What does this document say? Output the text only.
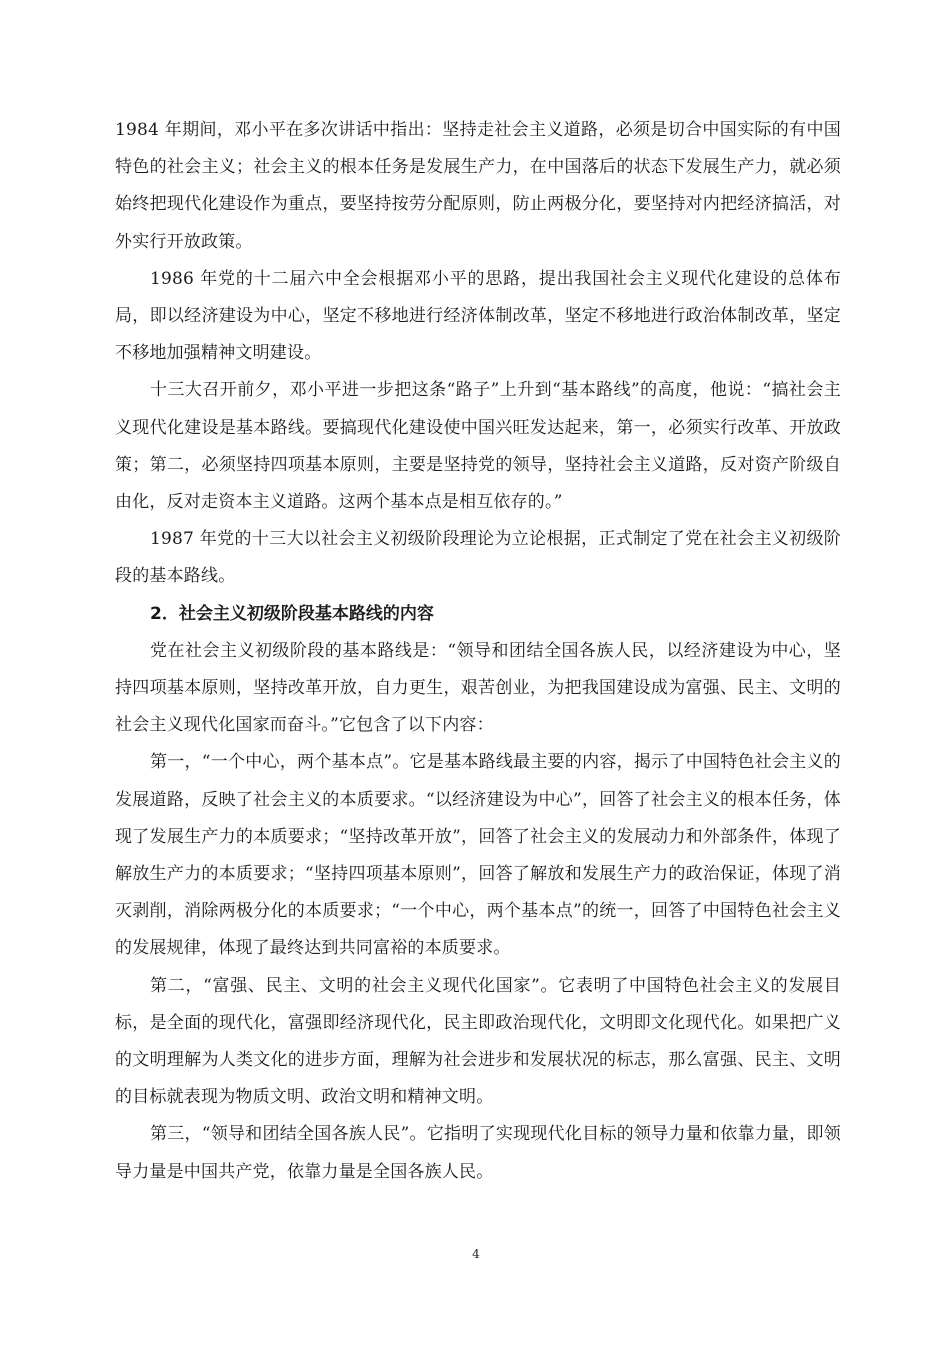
1984 年期间，邓小平在多次讲话中指出：坚持走社会主义道路，必须是切合中国实际的有中国特色的社会主义；社会主义的根本任务是发展生产力，在中国落后的状态下发展生产力，就必须始终把现代化建设作为重点，要坚持按劳分配原则，防止两极分化，要坚持对内把经济搞活，对外实行开放政策。

1986 年党的十二届六中全会根据邓小平的思路，提出我国社会主义现代化建设的总体布局，即以经济建设为中心，坚定不移地进行经济体制改革，坚定不移地进行政治体制改革，坚定不移地加强精神文明建设。

十三大召开前夕，邓小平进一步把这条“路子”上升到“基本路线”的高度，他说：“搞社会主义现代化建设是基本路线。要搞现代化建设使中国兴旺发达起来，第一，必须实行改革、开放政策；第二，必须坚持四项基本原则，主要是坚持党的领导，坚持社会主义道路，反对资产阶级自由化，反对走资本主义道路。这两个基本点是相互依存的。”

1987 年党的十三大以社会主义初级阶段理论为立论根据，正式制定了党在社会主义初级阶段的基本路线。

2．社会主义初级阶段基本路线的内容

党在社会主义初级阶段的基本路线是：“领导和团结全国各族人民，以经济建设为中心，坚持四项基本原则，坚持改革开放，自力更生，艰苦创业，为把我国建设成为富强、民主、文明的社会主义现代化国家而奋斗。”它包含了以下内容：

第一，“一个中心，两个基本点”。它是基本路线最主要的内容，揭示了中国特色社会主义的发展道路，反映了社会主义的本质要求。“以经济建设为中心”，回答了社会主义的根本任务，体现了发展生产力的本质要求；“坚持改革开放”，回答了社会主义的发展动力和外部条件，体现了解放生产力的本质要求；“坚持四项基本原则”，回答了解放和发展生产力的政治保证，体现了消灭剥削，消除两极分化的本质要求；“一个中心，两个基本点”的统一，回答了中国特色社会主义的发展规律，体现了最终达到共同富裕的本质要求。

第二，“富强、民主、文明的社会主义现代化国家”。它表明了中国特色社会主义的发展目标，是全面的现代化，富强即经济现代化，民主即政治现代化，文明即文化现代化。如果把广义的文明理解为人类文化的进步方面，理解为社会进步和发展状况的标志，那么富强、民主、文明的目标就表现为物质文明、政治文明和精神文明。

第三，“领导和团结全国各族人民”。它指明了实现现代化目标的领导力量和依靠力量，即领导力量是中国共产党，依靠力量是全国各族人民。

4
